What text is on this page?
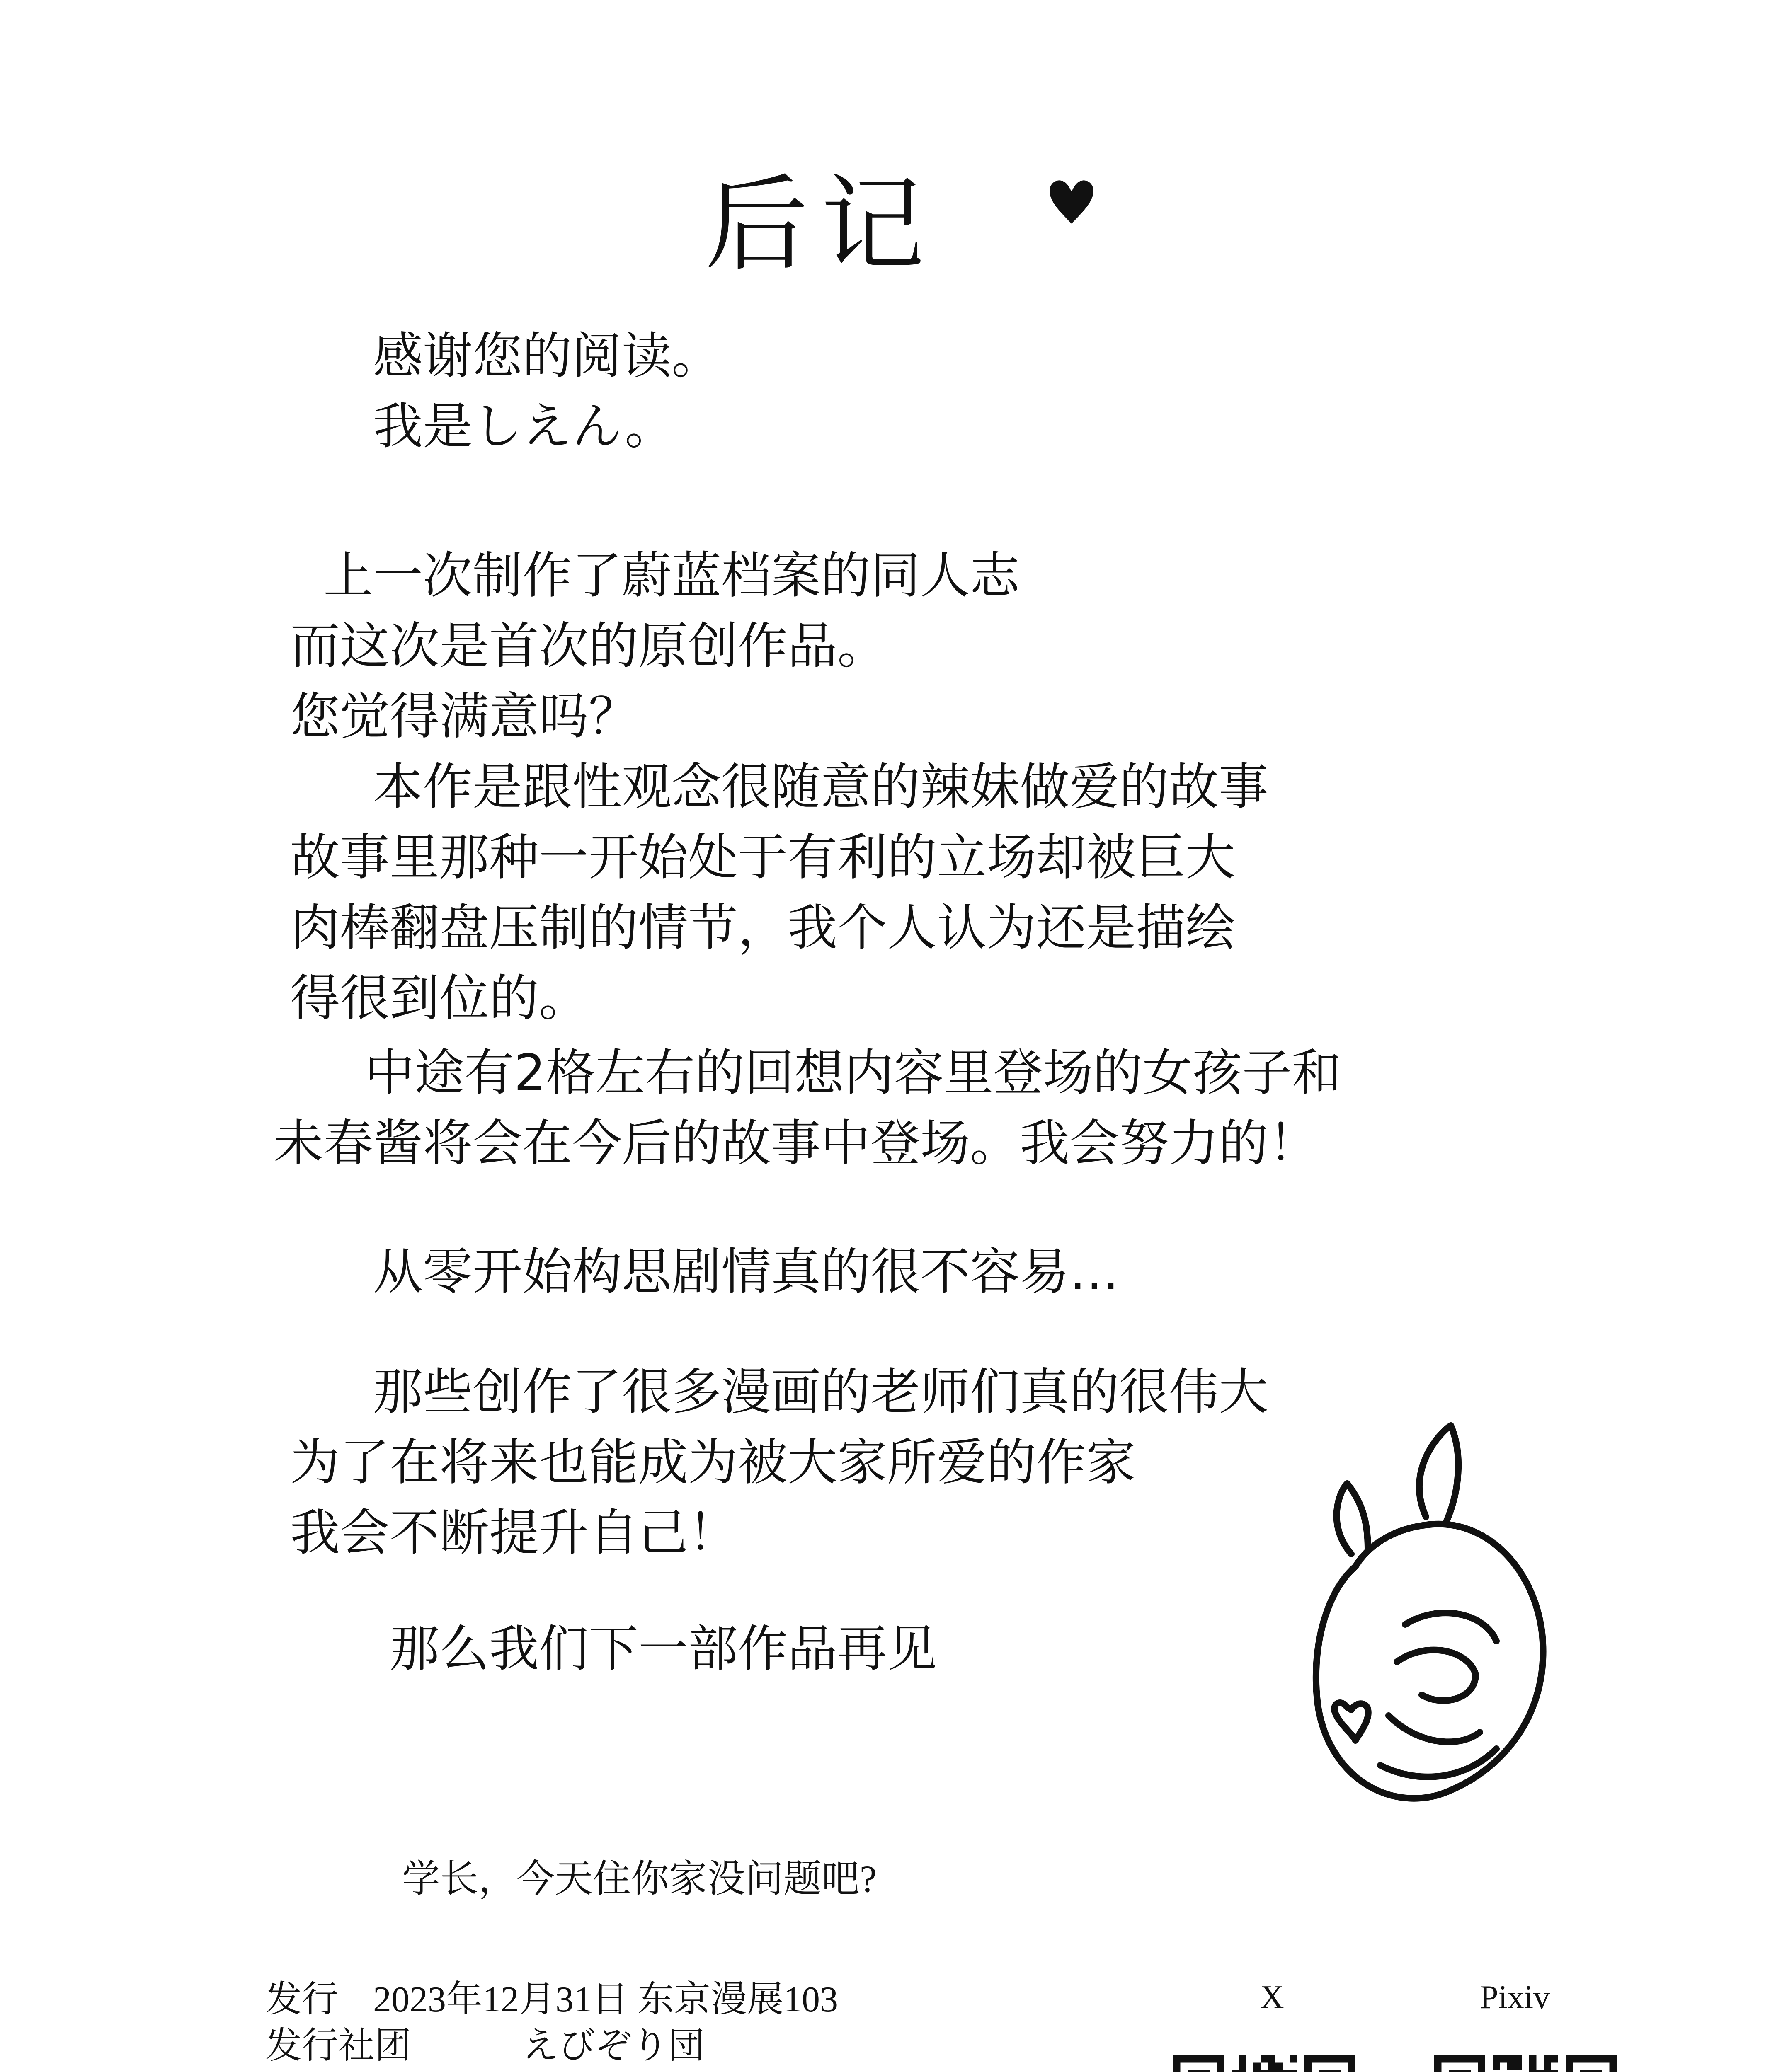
后记
感谢您的阅读。
我是しえん。
上一次制作了蔚蓝档案的同人志
而这次是首次的原创作品。
您觉得满意吗？
本作是跟性观念很随意的辣妹做爱的故事
故事里那种一开始处于有利的立场却被巨大
肉棒翻盘压制的情节，我个人认为还是描绘
得很到位的。
中途有2格左右的回想内容里登场的女孩子和
未春酱将会在今后的故事中登场。我会努力的！
从零开始构思剧情真的很不容易…
那些创作了很多漫画的老师们真的很伟大
为了在将来也能成为被大家所爱的作家
我会不断提升自己！
那么我们下一部作品再见
学长，今天住你家没问题吧?
发行 2023年12月31日 东京漫展103
发行社团	えびぞり団
X	Pixiv
